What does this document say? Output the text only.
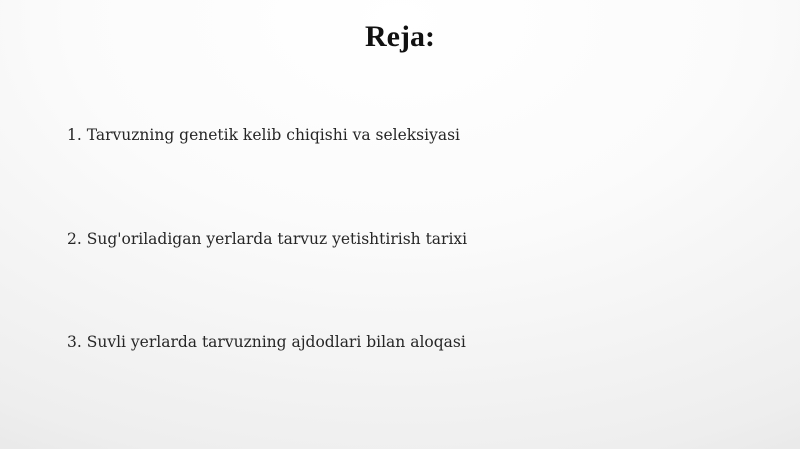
Reja:
1. Tarvuzning genetik kelib chiqishi va seleksiyasi
2. Sug'oriladigan yerlarda tarvuz yetishtirish tarixi
3. Suvli yerlarda tarvuzning ajdodlari bilan aloqasi
